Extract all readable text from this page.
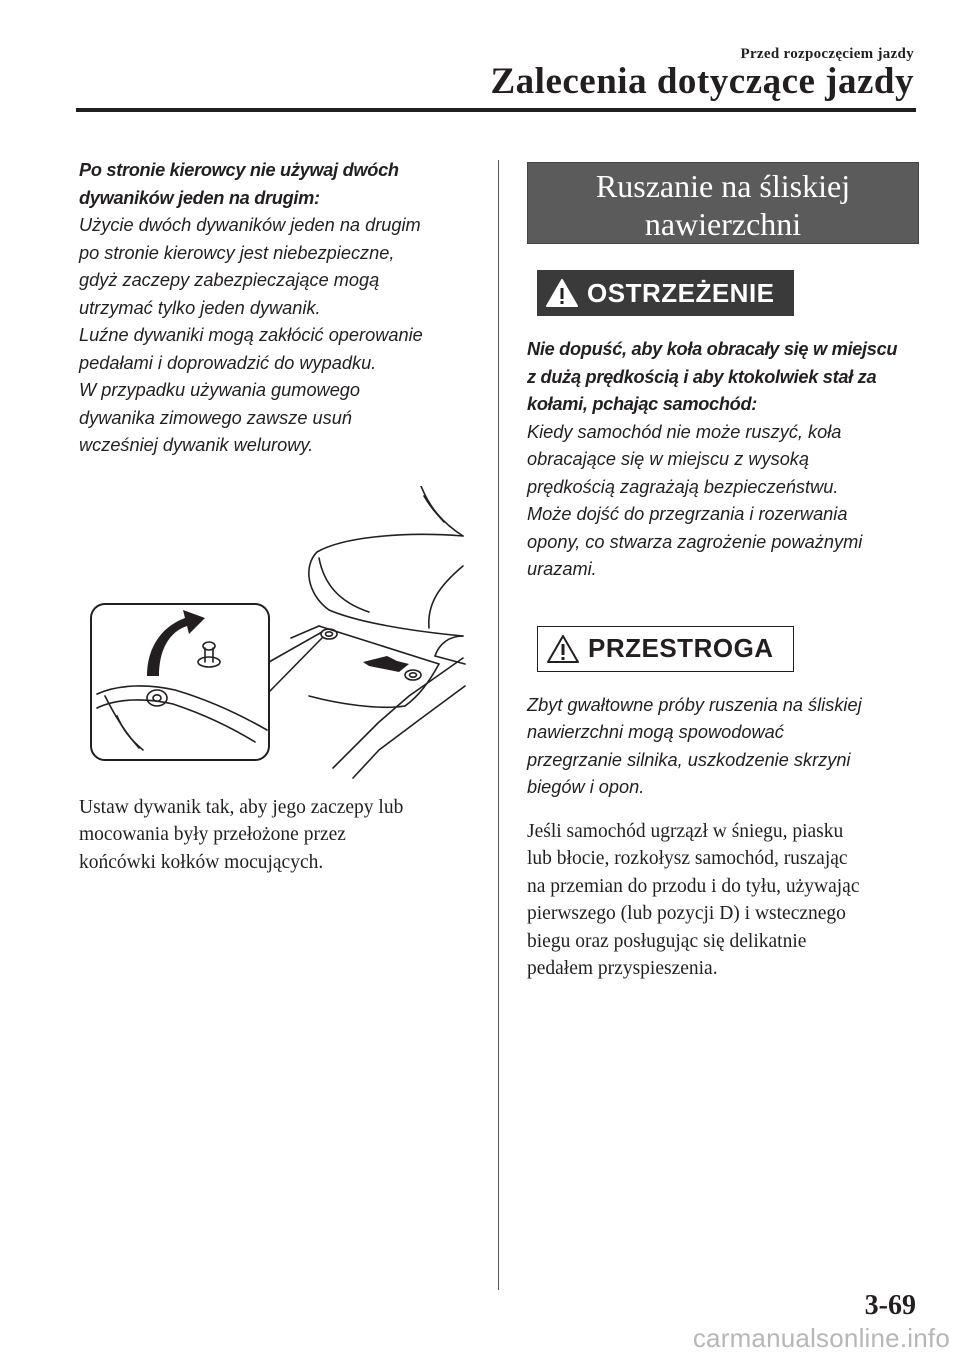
Przed rozpoczęciem jazdy
Zalecenia dotyczące jazdy
Po stronie kierowcy nie używaj dwóch
dywaników jeden na drugim:
Użycie dwóch dywaników jeden na drugim
po stronie kierowcy jest niebezpieczne,
gdyż zaczepy zabezpieczające mogą
utrzymać tylko jeden dywanik.
Luźne dywaniki mogą zakłócić operowanie
pedałami i doprowadzić do wypadku.
W przypadku używania gumowego
dywanika zimowego zawsze usuń
wcześniej dywanik welurowy.
Ustaw dywanik tak, aby jego zaczepy lub
mocowania były przełożone przez
końcówki kołków mocujących.
Ruszanie na śliskiej
nawierzchni
OSTRZEŻENIE
Nie dopuść, aby koła obracały się w miejscu
z dużą prędkością i aby ktokolwiek stał za
kołami, pchając samochód:
Kiedy samochód nie może ruszyć, koła
obracające się w miejscu z wysoką
prędkością zagrażają bezpieczeństwu.
Może dojść do przegrzania i rozerwania
opony, co stwarza zagrożenie poważnymi
urazami.
PRZESTROGA
Zbyt gwałtowne próby ruszenia na śliskiej
nawierzchni mogą spowodować
przegrzanie silnika, uszkodzenie skrzyni
biegów i opon.
Jeśli samochód ugrzązł w śniegu, piasku
lub błocie, rozkołysz samochód, ruszając
na przemian do przodu i do tyłu, używając
pierwszego (lub pozycji D) i wstecznego
biegu oraz posługując się delikatnie
pedałem przyspieszenia.
3-69
carmanualsonline.info
